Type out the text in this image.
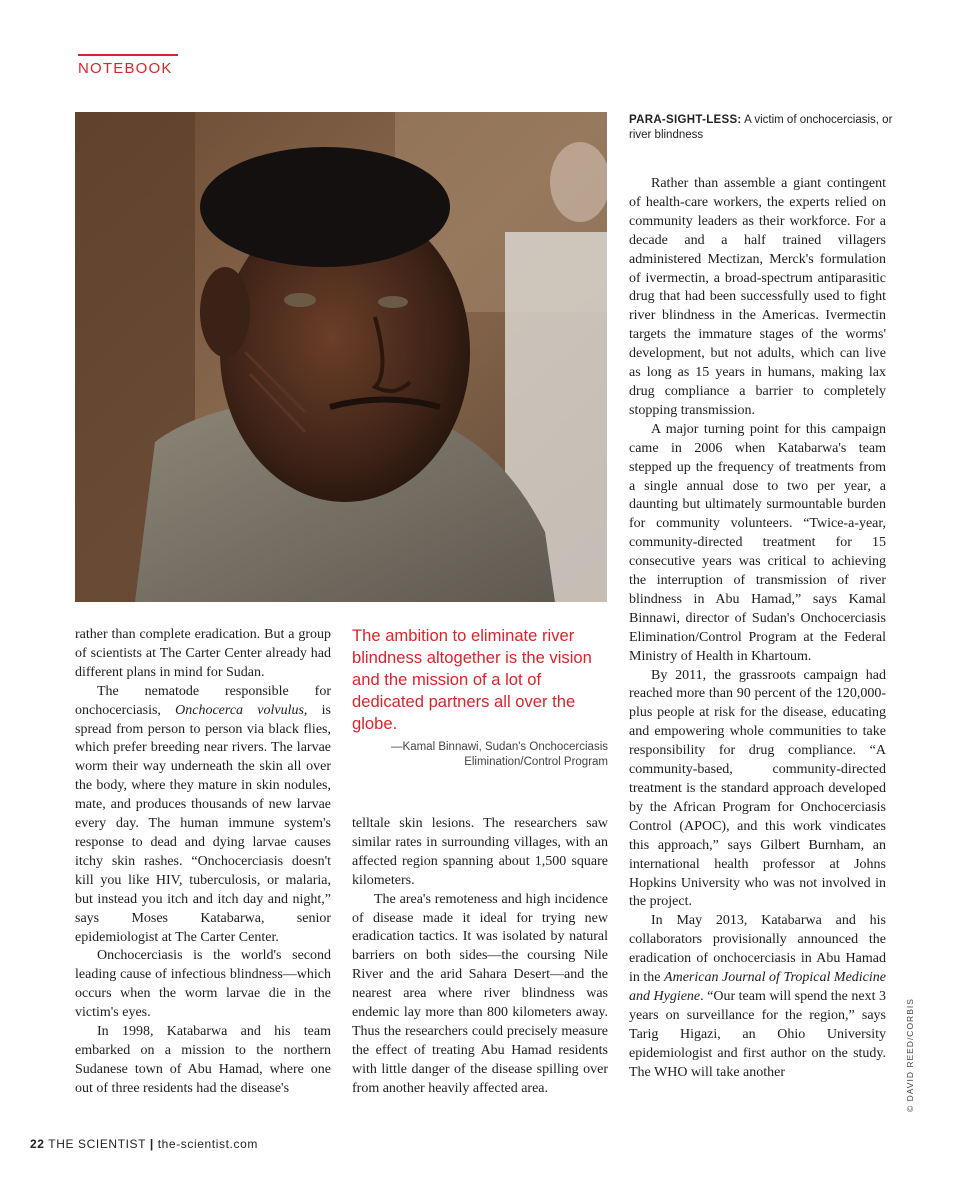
NOTEBOOK
PARA-SIGHT-LESS: A victim of onchocerciasis, or river blindness

rather than complete eradication. But a group of scientists at The Carter Center already had different plans in mind for Sudan.

The nematode responsible for onchocerciasis, Onchocerca volvulus, is spread from person to person via black flies, which prefer breeding near rivers. The larvae worm their way underneath the skin all over the body, where they mature in skin nodules, mate, and produces thousands of new larvae every day. The human immune system's response to dead and dying larvae causes itchy skin rashes. “Onchocerciasis doesn't kill you like HIV, tuberculosis, or malaria, but instead you itch and itch day and night,” says Moses Katabarwa, senior epidemiologist at The Carter Center.

Onchocerciasis is the world's second leading cause of infectious blindness—which occurs when the worm larvae die in the victim's eyes.

In 1998, Katabarwa and his team embarked on a mission to the northern Sudanese town of Abu Hamad, where one out of three residents had the disease's

The ambition to eliminate river blindness altogether is the vision and the mission of a lot of dedicated partners all over the globe.
—Kamal Binnawi, Sudan's Onchocerciasis Elimination/Control Program

telltale skin lesions. The researchers saw similar rates in surrounding villages, with an affected region spanning about 1,500 square kilometers.

The area's remoteness and high incidence of disease made it ideal for trying new eradication tactics. It was isolated by natural barriers on both sides—the coursing Nile River and the arid Sahara Desert—and the nearest area where river blindness was endemic lay more than 800 kilometers away. Thus the researchers could precisely measure the effect of treating Abu Hamad residents with little danger of the disease spilling over from another heavily affected area.

Rather than assemble a giant contingent of health-care workers, the experts relied on community leaders as their workforce. For a decade and a half trained villagers administered Mectizan, Merck's formulation of ivermectin, a broad-spectrum antiparasitic drug that had been successfully used to fight river blindness in the Americas. Ivermectin targets the immature stages of the worms' development, but not adults, which can live as long as 15 years in humans, making lax drug compliance a barrier to completely stopping transmission.

A major turning point for this campaign came in 2006 when Katabarwa's team stepped up the frequency of treatments from a single annual dose to two per year, a daunting but ultimately surmountable burden for community volunteers. “Twice-a-year, community-directed treatment for 15 consecutive years was critical to achieving the interruption of transmission of river blindness in Abu Hamad,” says Kamal Binnawi, director of Sudan's Onchocerciasis Elimination/Control Program at the Federal Ministry of Health in Khartoum.

By 2011, the grassroots campaign had reached more than 90 percent of the 120,000-plus people at risk for the disease, educating and empowering whole communities to take responsibility for drug compliance. “A community-based, community-directed treatment is the standard approach developed by the African Program for Onchocerciasis Control (APOC), and this work vindicates this approach,” says Gilbert Burnham, an international health professor at Johns Hopkins University who was not involved in the project.

In May 2013, Katabarwa and his collaborators provisionally announced the eradication of onchocerciasis in Abu Hamad in the American Journal of Tropical Medicine and Hygiene. “Our team will spend the next 3 years on surveillance for the region,” says Tarig Higazi, an Ohio University epidemiologist and first author on the study. The WHO will take another

22 THE SCIENTIST | the-scientist.com
© DAVID REED/CORBIS
